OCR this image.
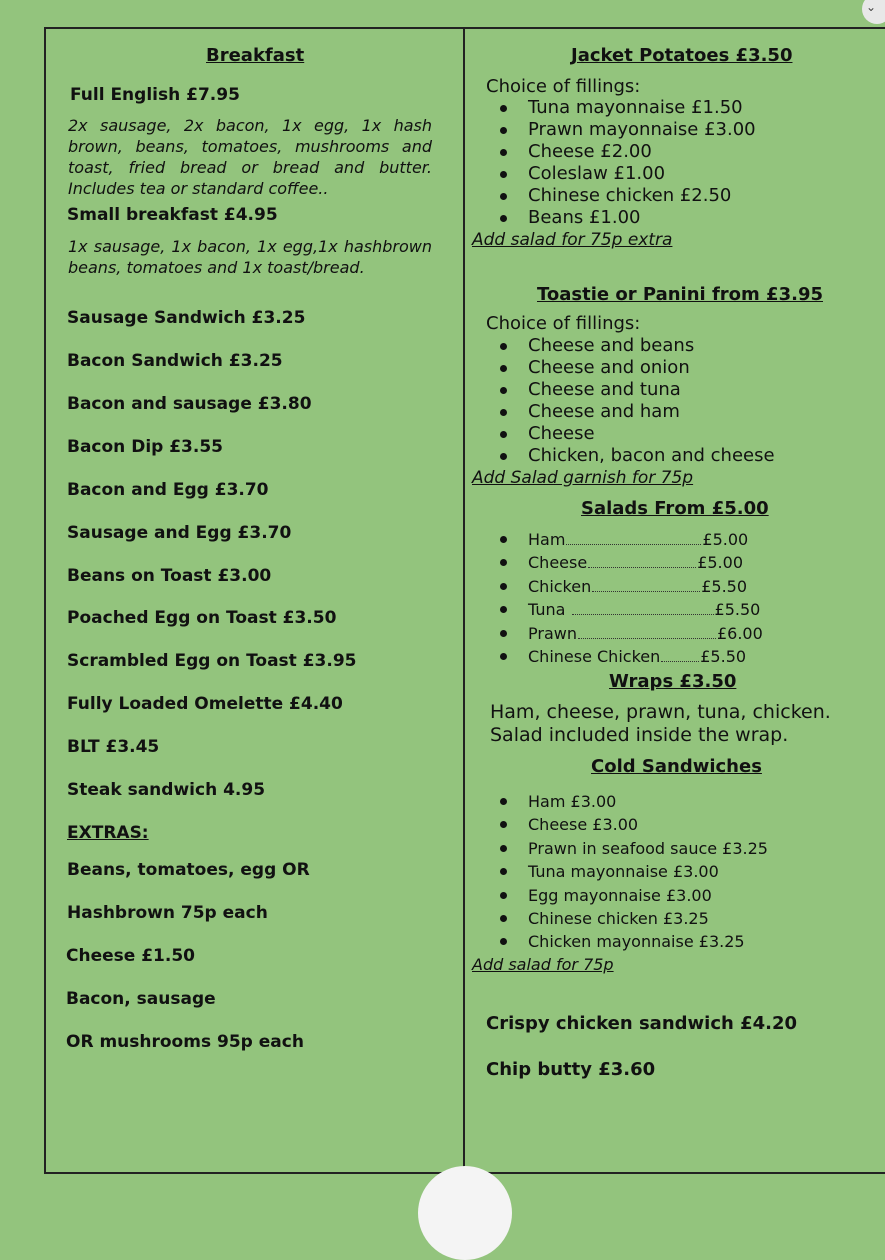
Breakfast
Full English £7.95
2x sausage, 2x bacon, 1x egg, 1x hash brown, beans, tomatoes, mushrooms and toast, fried bread or bread and butter. Includes tea or standard coffee..
Small breakfast £4.95
1x sausage, 1x bacon, 1x egg,1x hashbrown beans, tomatoes and 1x toast/bread.
Sausage Sandwich £3.25
Bacon Sandwich £3.25
Bacon and sausage £3.80
Bacon Dip £3.55
Bacon and Egg £3.70
Sausage and Egg £3.70
Beans on Toast £3.00
Poached Egg on Toast £3.50
Scrambled Egg on Toast £3.95
Fully Loaded Omelette £4.40
BLT £3.45
Steak sandwich 4.95
EXTRAS:
Beans, tomatoes, egg OR
Hashbrown 75p each
Cheese £1.50
Bacon, sausage
OR mushrooms 95p each
Jacket Potatoes £3.50
Choice of fillings:
Tuna mayonnaise £1.50
Prawn mayonnaise £3.00
Cheese £2.00
Coleslaw £1.00
Chinese chicken £2.50
Beans £1.00
Add salad for 75p extra
Toastie or Panini from £3.95
Choice of fillings:
Cheese and beans
Cheese and onion
Cheese and tuna
Cheese and ham
Cheese
Chicken, bacon and cheese
Add Salad garnish for 75p
Salads From £5.00
Ham	£5.00
Cheese	£5.00
Chicken	£5.50
Tuna	£5.50
Prawn	£6.00
Chinese Chicken	£5.50
Wraps £3.50
Ham, cheese, prawn, tuna, chicken.
Salad included inside the wrap.
Cold Sandwiches
Ham £3.00
Cheese £3.00
Prawn in seafood sauce £3.25
Tuna mayonnaise £3.00
Egg mayonnaise £3.00
Chinese chicken £3.25
Chicken mayonnaise £3.25
Add salad for 75p
Crispy chicken sandwich £4.20
Chip butty £3.60
⌄
